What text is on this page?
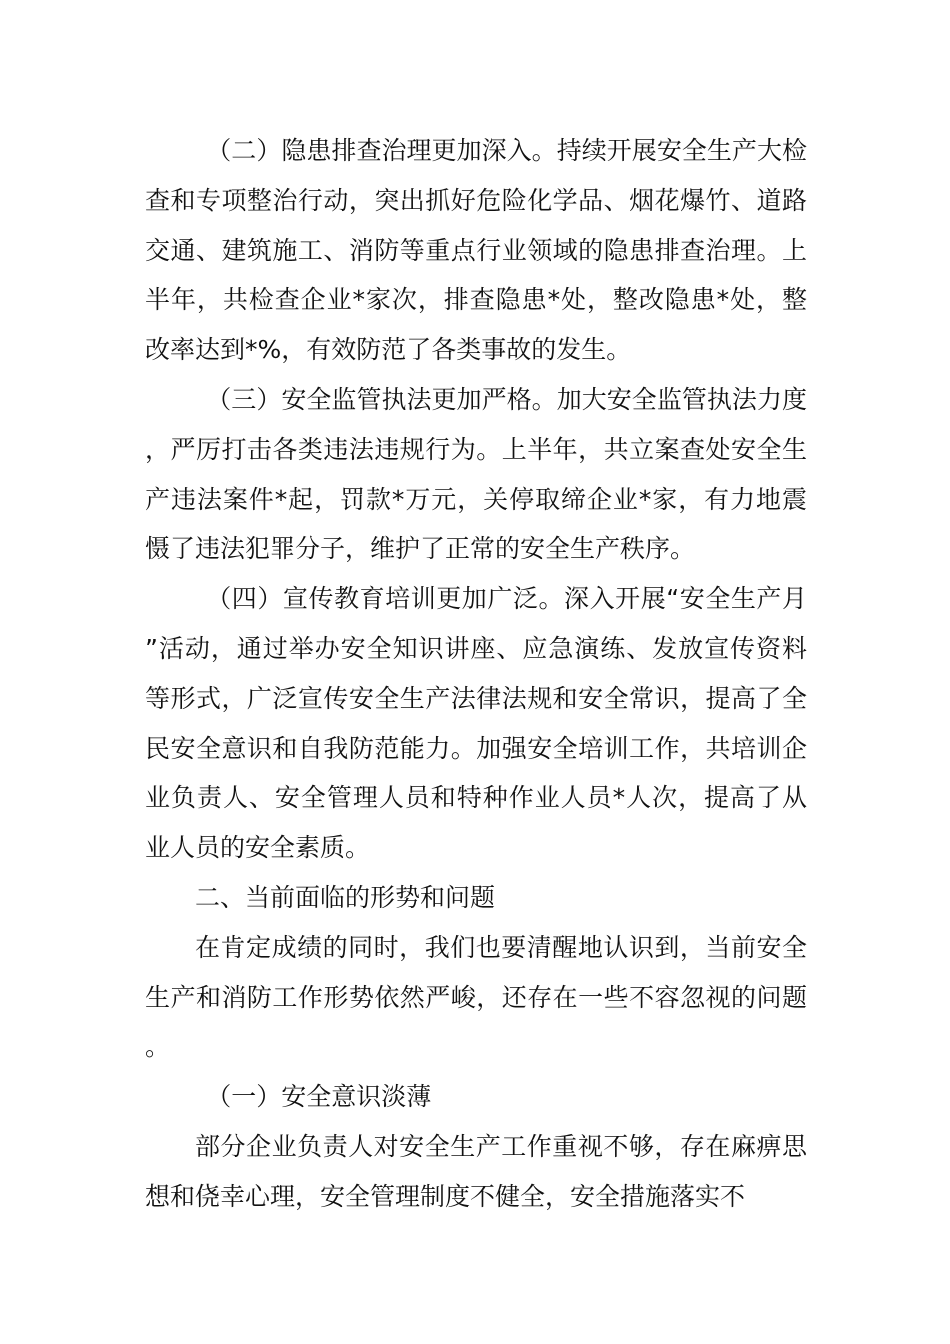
（二）隐患排查治理更加深入。持续开展安全生产大检查和专项整治行动，突出抓好危险化学品、烟花爆竹、道路交通、建筑施工、消防等重点行业领域的隐患排查治理。上半年，共检查企业*家次，排查隐患*处，整改隐患*处，整改率达到*%，有效防范了各类事故的发生。

（三）安全监管执法更加严格。加大安全监管执法力度，严厉打击各类违法违规行为。上半年，共立案查处安全生产违法案件*起，罚款*万元，关停取缔企业*家，有力地震慑了违法犯罪分子，维护了正常的安全生产秩序。

（四）宣传教育培训更加广泛。深入开展“安全生产月”活动，通过举办安全知识讲座、应急演练、发放宣传资料等形式，广泛宣传安全生产法律法规和安全常识，提高了全民安全意识和自我防范能力。加强安全培训工作，共培训企业负责人、安全管理人员和特种作业人员*人次，提高了从业人员的安全素质。

二、当前面临的形势和问题

在肯定成绩的同时，我们也要清醒地认识到，当前安全生产和消防工作形势依然严峻，还存在一些不容忽视的问题。

（一）安全意识淡薄

部分企业负责人对安全生产工作重视不够，存在麻痹思想和侥幸心理，安全管理制度不健全，安全措施落实不
